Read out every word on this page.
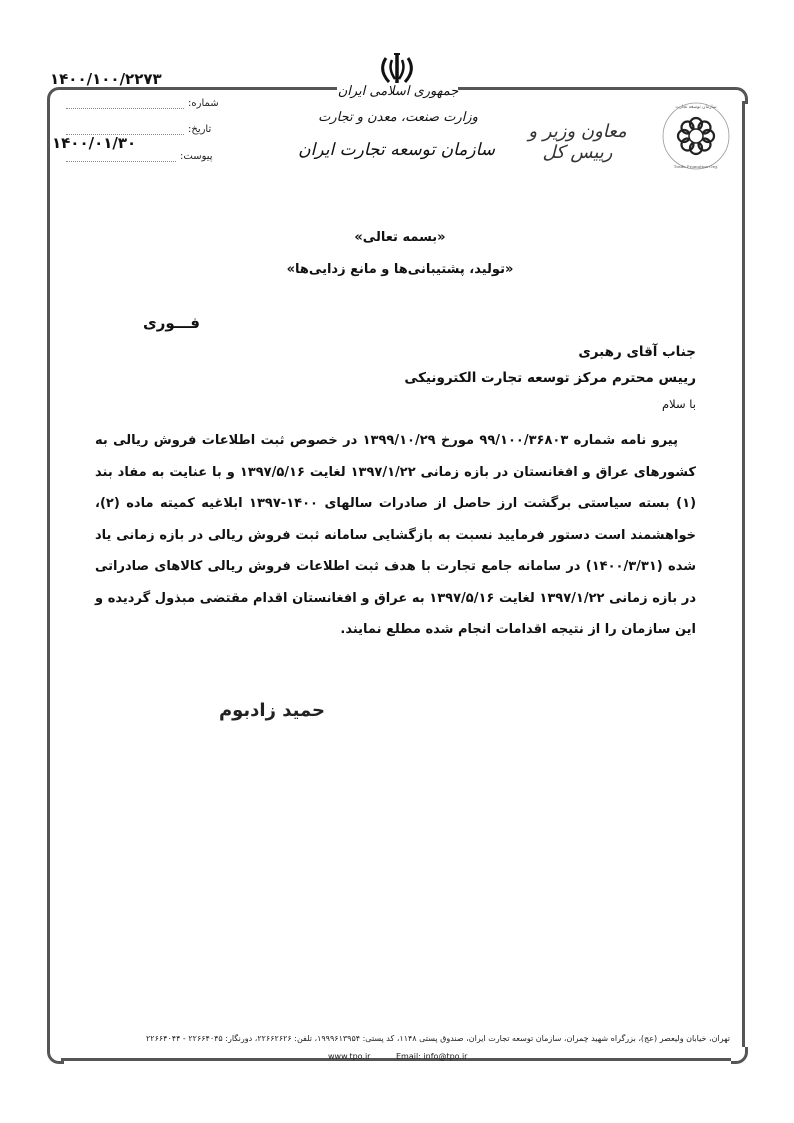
۱۴۰۰/۱۰۰/۲۲۷۳
شماره:
تاریخ:
۱۴۰۰/۰۱/۳۰
پیوست:
جمهوری اسلامی ایران
وزارت صنعت، معدن و تجارت
سازمان توسعه تجارت ایران
معاون وزیر و رییس کل
سازمان توسعه تجارت
Trade Promotion Org.
«بسمه تعالی»
«تولید، پشتیبانی‌ها و مانع زدایی‌ها»
فـــوری
جناب آقای رهبری
رییس محترم مرکز توسعه تجارت الکترونیکی
با سلام
پیرو نامه شماره ۹۹/۱۰۰/۳۶۸۰۳ مورخ ۱۳۹۹/۱۰/۲۹ در خصوص ثبت اطلاعات فروش ریالی به کشورهای عراق و افغانستان در بازه زمانی ۱۳۹۷/۱/۲۲ لغایت ۱۳۹۷/۵/۱۶ و با عنایت به مفاد بند (۱) بسته سیاستی برگشت ارز حاصل از صادرات سالهای ۱۴۰۰-۱۳۹۷ ابلاغیه کمیته ماده (۲)، خواهشمند است دستور فرمایید نسبت به بازگشایی سامانه ثبت فروش ریالی در بازه زمانی یاد شده (۱۴۰۰/۳/۳۱) در سامانه جامع تجارت با هدف ثبت اطلاعات فروش ریالی کالاهای صادراتی در بازه زمانی ۱۳۹۷/۱/۲۲ لغایت ۱۳۹۷/۵/۱۶ به عراق و افغانستان اقدام مقتضی مبذول گردیده و این سازمان را از نتیجه اقدامات انجام شده مطلع نمایند.
حمید زادبوم
تهران، خیابان ولیعصر (عج)، بزرگراه شهید چمران، سازمان توسعه تجارت ایران، صندوق پستی ۱۱۴۸، کد پستی: ۱۹۹۹۶۱۳۹۵۴، تلفن: ۲۲۶۶۲۶۲۶، دورنگار: ۲۲۶۶۴۰۴۵ - ۲۲۶۶۴۰۴۴
www.tpo.ir	Email: info@tpo.ir
